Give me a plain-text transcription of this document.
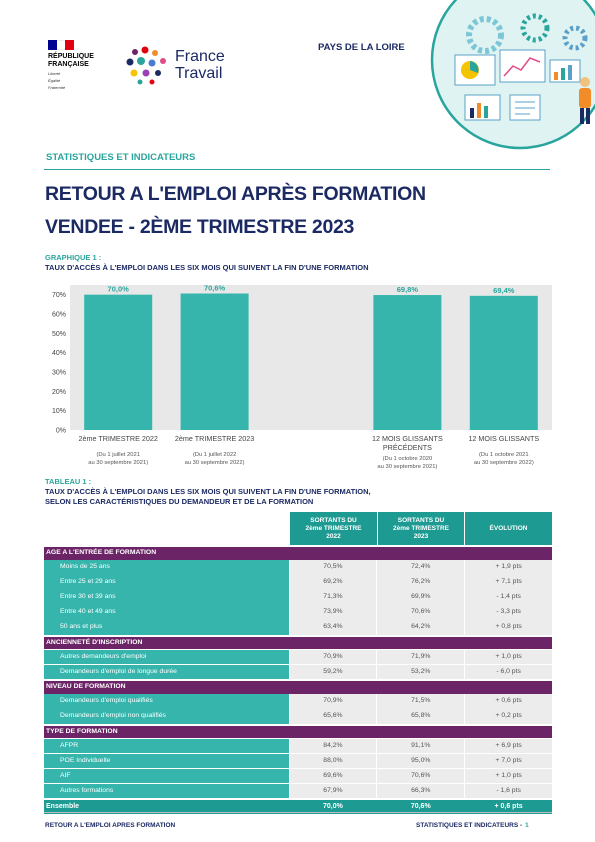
RÉPUBLIQUE
FRANÇAISE
Liberté
Égalité
Fraternité
France
Travail
PAYS DE LA LOIRE
STATISTIQUES ET INDICATEURS
RETOUR A L'EMPLOI APRÈS FORMATION
VENDEE - 2ÈME TRIMESTRE 2023
GRAPHIQUE 1 :
TAUX D'ACCÈS À L'EMPLOI DANS LES SIX MOIS QUI SUIVENT LA FIN D'UNE FORMATION
0%
10%
20%
30%
40%
50%
60%
70%
70,0%
2ème TRIMESTRE 2022
(Du 1 juillet 2021
au 30 septembre 2021)
70,6%
2ème TRIMESTRE 2023
(Du 1 juillet 2022
au 30 septembre 2022)
69,8%
12 MOIS GLISSANTS
PRÉCÉDENTS
(Du 1 octobre 2020
au 30 septembre 2021)
69,4%
12 MOIS GLISSANTS
(Du 1 octobre 2021
au 30 septembre 2022)
TABLEAU 1 :
TAUX D'ACCÈS À L'EMPLOI DANS LES SIX MOIS QUI SUIVENT LA FIN D'UNE FORMATION,
SELON LES CARACTÉRISTIQUES DU DEMANDEUR ET DE LA FORMATION
SORTANTS DU
2ème TRIMESTRE
2022
SORTANTS DU
2ème TRIMESTRE
2023
ÉVOLUTION
AGE A L'ENTRÉE DE FORMATION
Moins de 25 ans	70,5%	72,4%	+ 1,9 pts
Entre 25 et 29 ans	69,2%	76,2%	+ 7,1 pts
Entre 30 et 39 ans	71,3%	69,9%	- 1,4 pts
Entre 40 et 49 ans	73,9%	70,6%	- 3,3 pts
50 ans et plus	63,4%	64,2%	+ 0,8 pts
ANCIENNETÉ D'INSCRIPTION
Autres demandeurs d'emploi	70,9%	71,9%	+ 1,0 pts
Demandeurs d'emploi de longue durée	59,2%	53,2%	- 6,0 pts
NIVEAU DE FORMATION
Demandeurs d'emploi qualifiés	70,9%	71,5%	+ 0,6 pts
Demandeurs d'emploi non qualifiés	65,6%	65,8%	+ 0,2 pts
TYPE DE FORMATION
AFPR	84,2%	91,1%	+ 6,9 pts
POE Individuelle	88,0%	95,0%	+ 7,0 pts
AIF	69,6%	70,6%	+ 1,0 pts
Autres formations	67,9%	66,3%	- 1,6 pts
Ensemble	70,0%	70,6%	+ 0,6 pts
RETOUR A L'EMPLOI APRES FORMATION	STATISTIQUES ET INDICATEURS - 1
